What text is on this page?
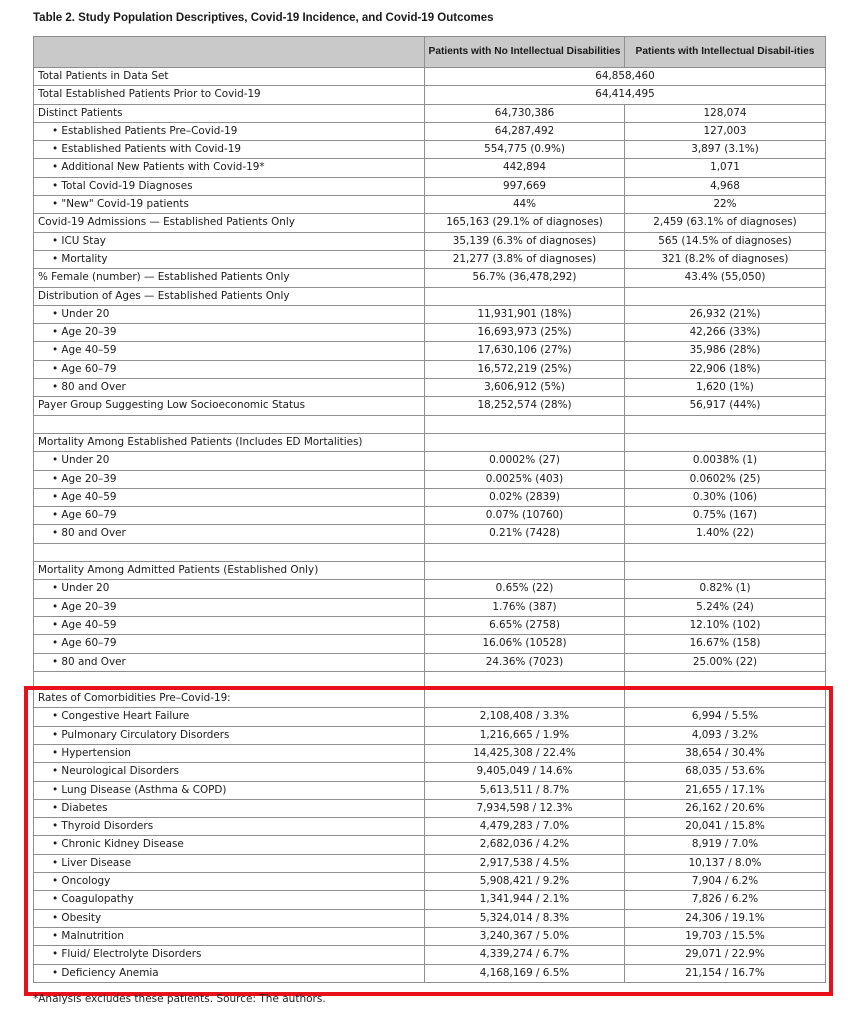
Table 2. Study Population Descriptives, Covid-19 Incidence, and Covid-19 Outcomes
	Patients with No Intellectual Disabilities	Patients with Intellectual Disabil-ities
Total Patients in Data Set	64,858,460	
Total Established Patients Prior to Covid-19	64,414,495	
Distinct Patients	64,730,386	128,074
• Established Patients Pre–Covid-19	64,287,492	127,003
• Established Patients with Covid-19	554,775 (0.9%)	3,897 (3.1%)
• Additional New Patients with Covid-19*	442,894	1,071
• Total Covid-19 Diagnoses	997,669	4,968
• "New" Covid-19 patients	44%	22%
Covid-19 Admissions — Established Patients Only	165,163 (29.1% of diagnoses)	2,459 (63.1% of diagnoses)
• ICU Stay	35,139 (6.3% of diagnoses)	565 (14.5% of diagnoses)
• Mortality	21,277 (3.8% of diagnoses)	321 (8.2% of diagnoses)
% Female (number) — Established Patients Only	56.7% (36,478,292)	43.4% (55,050)
Distribution of Ages — Established Patients Only		
• Under 20	11,931,901 (18%)	26,932 (21%)
• Age 20–39	16,693,973 (25%)	42,266 (33%)
• Age 40–59	17,630,106 (27%)	35,986 (28%)
• Age 60–79	16,572,219 (25%)	22,906 (18%)
• 80 and Over	3,606,912 (5%)	1,620 (1%)
Payer Group Suggesting Low Socioeconomic Status	18,252,574 (28%)	56,917 (44%)

Mortality Among Established Patients (Includes ED Mortalities)		
• Under 20	0.0002% (27)	0.0038% (1)
• Age 20–39	0.0025% (403)	0.0602% (25)
• Age 40–59	0.02% (2839)	0.30% (106)
• Age 60–79	0.07% (10760)	0.75% (167)
• 80 and Over	0.21% (7428)	1.40% (22)

Mortality Among Admitted Patients (Established Only)		
• Under 20	0.65% (22)	0.82% (1)
• Age 20–39	1.76% (387)	5.24% (24)
• Age 40–59	6.65% (2758)	12.10% (102)
• Age 60–79	16.06% (10528)	16.67% (158)
• 80 and Over	24.36% (7023)	25.00% (22)

Rates of Comorbidities Pre–Covid-19:		
• Congestive Heart Failure	2,108,408 / 3.3%	6,994 / 5.5%
• Pulmonary Circulatory Disorders	1,216,665 / 1.9%	4,093 / 3.2%
• Hypertension	14,425,308 / 22.4%	38,654 / 30.4%
• Neurological Disorders	9,405,049 / 14.6%	68,035 / 53.6%
• Lung Disease (Asthma & COPD)	5,613,511 / 8.7%	21,655 / 17.1%
• Diabetes	7,934,598 / 12.3%	26,162 / 20.6%
• Thyroid Disorders	4,479,283 / 7.0%	20,041 / 15.8%
• Chronic Kidney Disease	2,682,036 / 4.2%	8,919 / 7.0%
• Liver Disease	2,917,538 / 4.5%	10,137 / 8.0%
• Oncology	5,908,421 / 9.2%	7,904 / 6.2%
• Coagulopathy	1,341,944 / 2.1%	7,826 / 6.2%
• Obesity	5,324,014 / 8.3%	24,306 / 19.1%
• Malnutrition	3,240,367 / 5.0%	19,703 / 15.5%
• Fluid/ Electrolyte Disorders	4,339,274 / 6.7%	29,071 / 22.9%
• Deficiency Anemia	4,168,169 / 6.5%	21,154 / 16.7%
*Analysis excludes these patients. Source: The authors.
